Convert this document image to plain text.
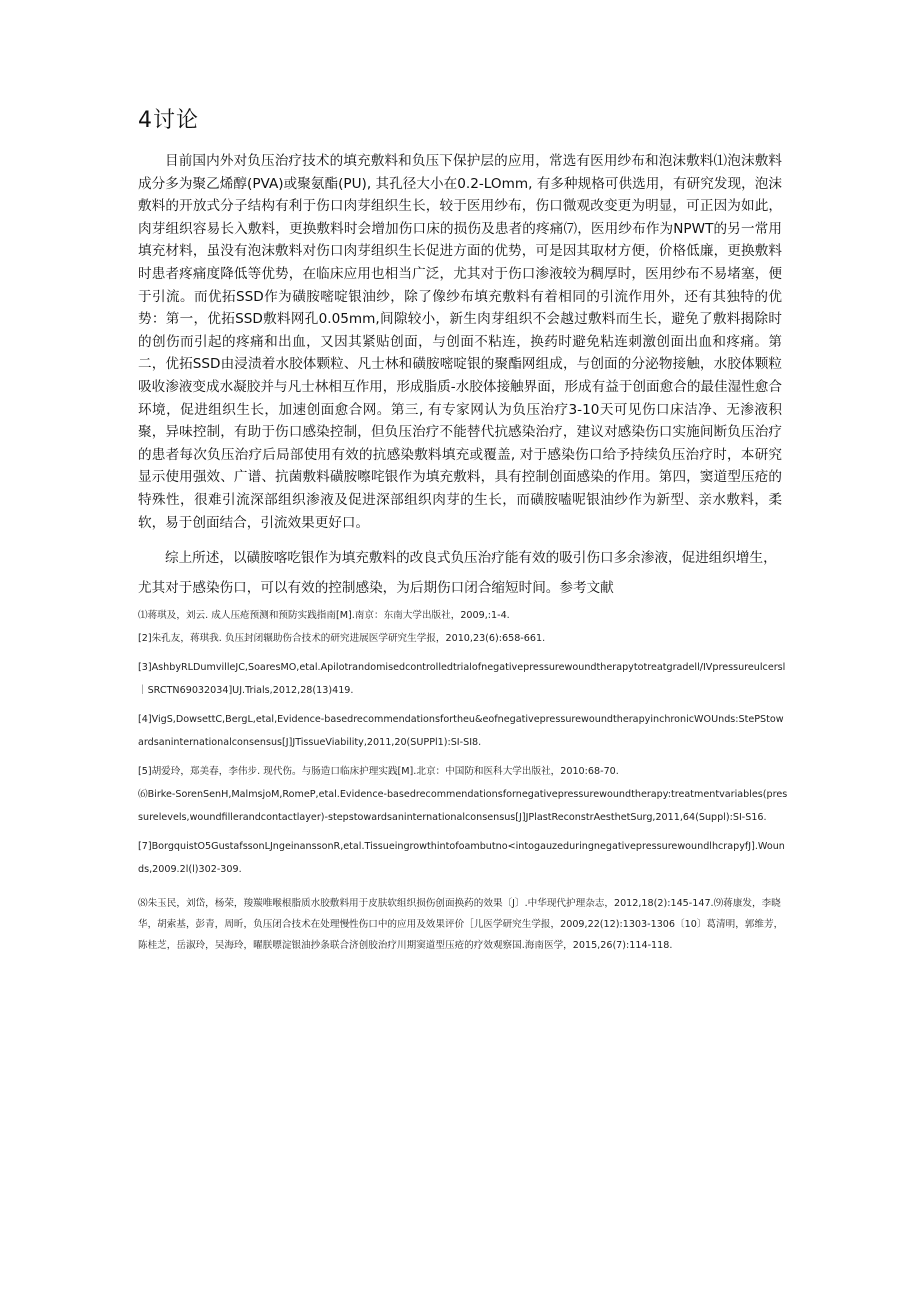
4讨论

目前国内外对负压治疗技术的填充敷料和负压下保护层的应用，常选有医用纱布和泡沫敷料⑴泡沫敷料成分多为聚乙烯醇(PVA)或聚氨酯(PU), 其孔径大小在0.2-LOmm, 有多种规格可供选用，有研究发现，泡沫敷料的开放式分子结构有利于伤口肉芽组织生长，较于医用纱布，伤口微观改变更为明显，可正因为如此，肉芽组织容易长入敷料，更换敷料时会增加伤口床的损伤及患者的疼痛⑺，医用纱布作为NPWT的另一常用填充材料，虽没有泡沫敷料对伤口肉芽组织生长促进方面的优势，可是因其取材方便，价格低廉，更换敷料时患者疼痛度降低等优势，在临床应用也相当广泛，尤其对于伤口渗液较为稠厚时，医用纱布不易堵塞，便于引流。而优拓SSD作为磺胺嘧啶银油纱，除了像纱布填充敷料有着相同的引流作用外，还有其独特的优势：第一，优拓SSD敷料网孔0.05mm,间隙较小，新生肉芽组织不会越过敷料而生长，避免了敷料揭除时的创伤而引起的疼痛和出血，又因其紧贴创面，与创面不粘连，换药时避免粘连刺激创面出血和疼痛。第二，优拓SSD由浸渍着水胶体颗粒、凡士林和磺胺嘧啶银的聚酯网组成，与创面的分泌物接触，水胶体颗粒吸收渗液变成水凝胶并与凡士林相互作用，形成脂质-水胶体接触界面，形成有益于创面愈合的最佳湿性愈合环境，促进组织生长，加速创面愈合网。第三, 有专家网认为负压治疗3-10天可见伤口床洁净、无渗液积聚，异味控制，有助于伤口感染控制，但负压治疗不能替代抗感染治疗，建议对感染伤口实施间断负压治疗的患者每次负压治疗后局部使用有效的抗感染敷料填充或覆盖, 对于感染伤口给予持续负压治疗时，本研究显示使用强效、广谱、抗菌敷料磺胺嚓咤银作为填充敷料，具有控制创面感染的作用。第四，窦道型压疮的特殊性，很难引流深部组织渗液及促进深部组织肉芽的生长，而磺胺嗑呢银油纱作为新型、亲水敷料，柔软，易于创面结合，引流效果更好口。

综上所述，以磺胺喀吃银作为填充敷料的改良式负压治疗能有效的吸引伤口多余渗液，促进组织增生，尤其对于感染伤口，可以有效的控制感染，为后期伤口闭合缩短时间。参考文献

⑴蒋琪及，刘云. 成人压疮预测和预防实践指南[M].南京：东南大学出版社，2009,:1-4.

[2]朱孔友，蒋琪我. 负压封闭辗助伤合技术的研究进展医学研究生学报，2010,23(6):658-661.

[3]AshbyRLDumvilleJC,SoaresMO,etal.Apilotrandomisedcontrolledtrialofnegativepressurewoundtherapytotreatgradell/IVpressureulcersl｜SRCTN69032034]UJ.Trials,2012,28(13)419.

[4]VigS,DowsettC,BergL,etal,Evidence-basedrecommendationsfortheu&eofnegativepressurewoundtherapyinchronicWOUnds:StePStowardsaninternationalconsensus[J]JTissueViability,2011,20(SUPPl1):SI-SI8.

[5]胡爱玲，郑美春，李伟步. 现代伤。与肠造口临床护理实践[M].北京：中国防和医科大学出版社，2010:68-70.

⑹Birke-SorenSenH,MalmsjoM,RomeP,etal.Evidence-basedrecommendationsfornegativepressurewoundtherapy:treatmentvariables(pressurelevels,woundfillerandcontactlayer)-stepstowardsaninternationalconsensus[J]JPlastReconstrAesthetSurg,2011,64(Suppl):SI-S16.

[7]BorgquistO5GustafssonLJngeinanssonR,etal.Tissueingrowthintofoambutno<intogauzeduringnegativepressurewoundlhcrapyfJ].Wounds,2009.2l(l)302-309.

⑻朱玉民，刘岱，杨荣，羧羰唯喉根脂质水胶敷料用于皮肤软组织损伤创面换药的效果〔J〕.中华现代护理杂志，2012,18(2):145-147.⑼蒋康发，李晓华，胡索基，彭青，周昕，负压闭合技术在处理慢性伤口中的应用及效果评价［儿医学研究生学报，2009,22(12):1303-1306〔10〕葛清明，郭维芳，陈桂芝，岳淑玲，吴海玲，曜朕嘌淀银油抄条联合济创胶治疗川期窦道型压疮的疗效观察国.海南医学，2015,26(7):114-118.
